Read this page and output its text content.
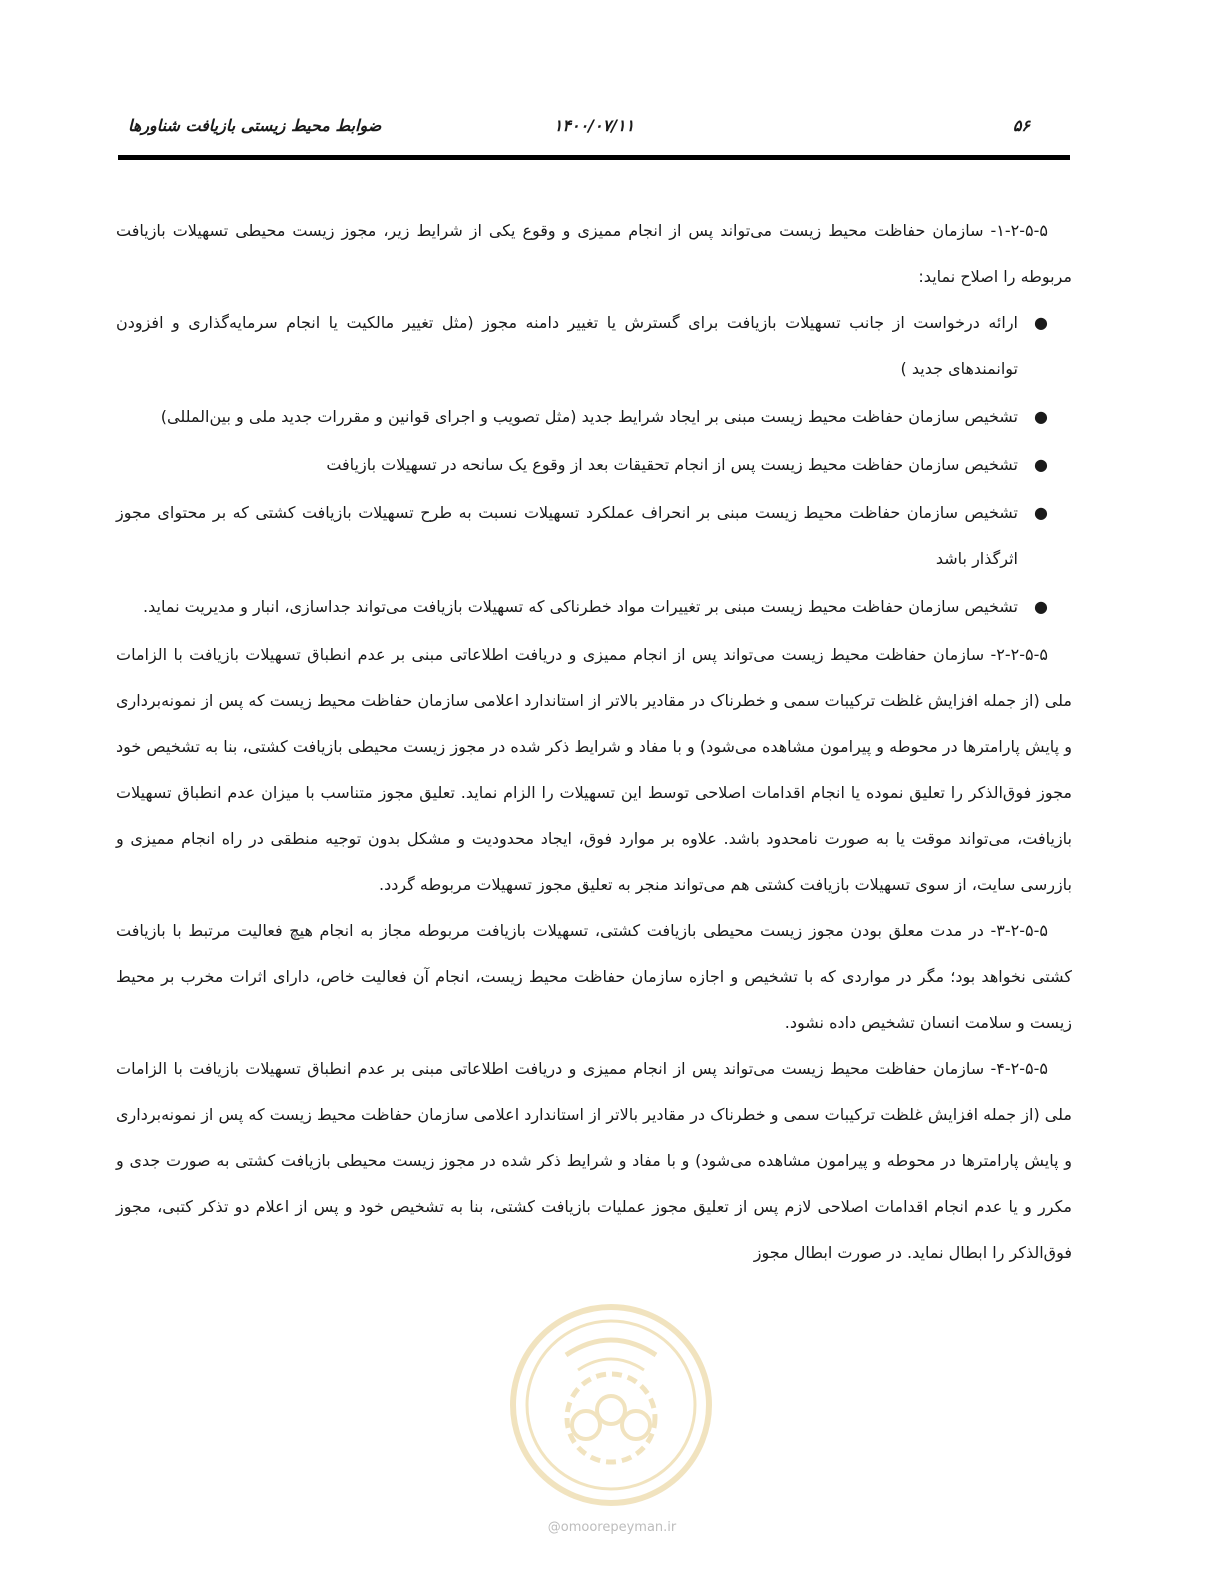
ضوابط محیط زیستی بازیافت شناورها	۱۴۰۰/۰۷/۱۱	۵۶

۱-۲-۵-۵- سازمان حفاظت محیط زیست می‌تواند پس از انجام ممیزی و وقوع یکی از شرایط زیر، مجوز زیست محیطی تسهیلات بازیافت مربوطه را اصلاح نماید:

●
ارائه درخواست از جانب تسهیلات بازیافت برای گسترش یا تغییر دامنه مجوز (مثل تغییر مالکیت یا انجام سرمایه‌گذاری و افزودن توانمندهای جدید )
●
تشخیص سازمان حفاظت محیط زیست مبنی بر ایجاد شرایط جدید (مثل تصویب و اجرای قوانین و مقررات جدید ملی و بین‌المللی)
●
تشخیص سازمان حفاظت محیط زیست پس از انجام تحقیقات بعد از وقوع یک سانحه در تسهیلات بازیافت
●
تشخیص سازمان حفاظت محیط زیست مبنی بر انحراف عملکرد تسهیلات نسبت به طرح تسهیلات بازیافت کشتی که بر محتوای مجوز اثرگذار باشد
●
تشخیص سازمان حفاظت محیط زیست مبنی بر تغییرات مواد خطرناکی که تسهیلات بازیافت می‌تواند جداسازی، انبار و مدیریت نماید.

۲-۲-۵-۵- سازمان حفاظت محیط زیست می‌تواند پس از انجام ممیزی و دریافت اطلاعاتی مبنی بر عدم انطباق تسهیلات بازیافت با الزامات ملی (از جمله افزایش غلظت ترکیبات سمی و خطرناک در مقادیر بالاتر از استاندارد اعلامی سازمان حفاظت محیط زیست که پس از نمونه‌برداری و پایش پارامترها در محوطه و پیرامون مشاهده می‌شود) و با مفاد و شرایط ذکر شده در مجوز زیست محیطی بازیافت کشتی، بنا به تشخیص خود مجوز فوق‌الذکر را تعلیق نموده یا انجام اقدامات اصلاحی توسط این تسهیلات را الزام نماید. تعلیق مجوز متناسب با میزان عدم انطباق تسهیلات بازیافت، می‌تواند موقت یا به صورت نامحدود باشد. علاوه بر موارد فوق، ایجاد محدودیت و مشکل بدون توجیه منطقی در راه انجام ممیزی و بازرسی سایت، از سوی تسهیلات بازیافت کشتی هم می‌تواند منجر به تعلیق مجوز تسهیلات مربوطه گردد.

۳-۲-۵-۵- در مدت معلق بودن مجوز زیست محیطی بازیافت کشتی، تسهیلات بازیافت مربوطه مجاز به انجام هیچ فعالیت مرتبط با بازیافت کشتی نخواهد بود؛ مگر در مواردی که با تشخیص و اجازه سازمان حفاظت محیط زیست، انجام آن فعالیت خاص، دارای اثرات مخرب بر محیط زیست و سلامت انسان تشخیص داده نشود.

۴-۲-۵-۵- سازمان حفاظت محیط زیست می‌تواند پس از انجام ممیزی و دریافت اطلاعاتی مبنی بر عدم انطباق تسهیلات بازیافت با الزامات ملی (از جمله افزایش غلظت ترکیبات سمی و خطرناک در مقادیر بالاتر از استاندارد اعلامی سازمان حفاظت محیط زیست که پس از نمونه‌برداری و پایش پارامترها در محوطه و پیرامون مشاهده می‌شود) و با مفاد و شرایط ذکر شده در مجوز زیست محیطی بازیافت کشتی به صورت جدی و مکرر و یا عدم انجام اقدامات اصلاحی لازم پس از تعلیق مجوز عملیات بازیافت کشتی، بنا به تشخیص خود و پس از اعلام دو تذکر کتبی، مجوز فوق‌الذکر را ابطال نماید. در صورت ابطال مجوز

@omoorepeyman.ir
